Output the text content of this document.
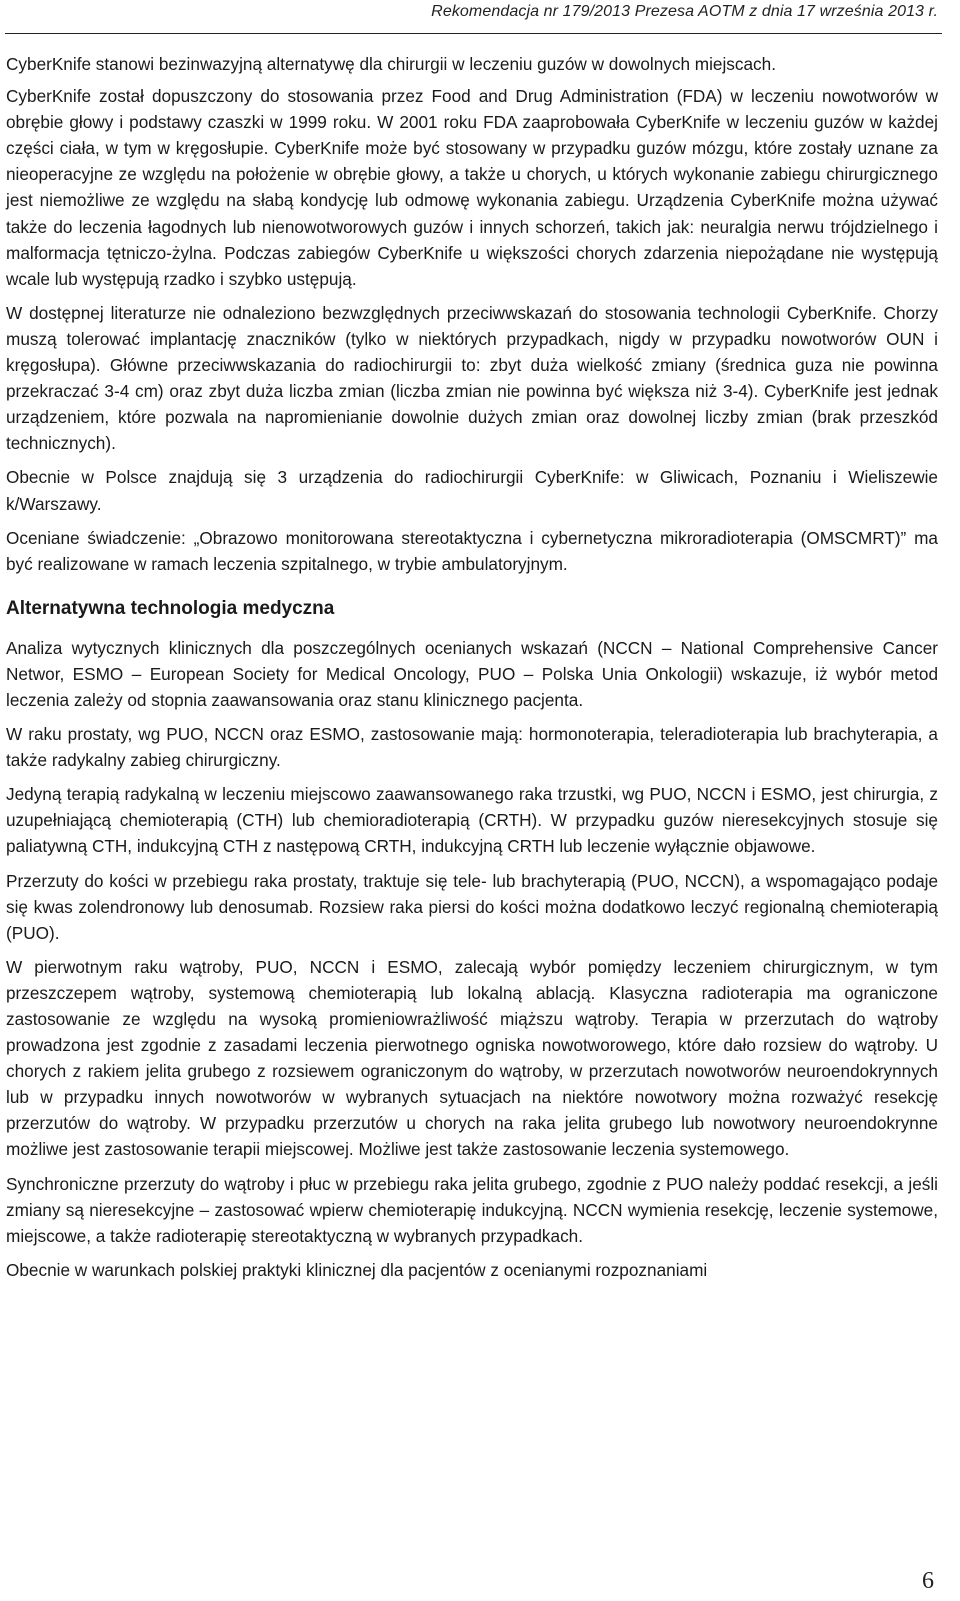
Rekomendacja nr 179/2013 Prezesa AOTM z dnia 17 września 2013 r.

CyberKnife stanowi bezinwazyjną alternatywę dla chirurgii w leczeniu guzów w dowolnych miejscach.

CyberKnife został dopuszczony do stosowania przez Food and Drug Administration (FDA) w leczeniu nowotworów w obrębie głowy i podstawy czaszki w 1999 roku. W 2001 roku FDA zaaprobowała CyberKnife w leczeniu guzów w każdej części ciała, w tym w kręgosłupie. CyberKnife może być stosowany w przypadku guzów mózgu, które zostały uznane za nieoperacyjne ze względu na położenie w obrębie głowy, a także u chorych, u których wykonanie zabiegu chirurgicznego jest niemożliwe ze względu na słabą kondycję lub odmowę wykonania zabiegu. Urządzenia CyberKnife można używać także do leczenia łagodnych lub nienowotworowych guzów i innych schorzeń, takich jak: neuralgia nerwu trójdzielnego i malformacja tętniczo-żylna. Podczas zabiegów CyberKnife u większości chorych zdarzenia niepożądane nie występują wcale lub występują rzadko i szybko ustępują.

W dostępnej literaturze nie odnaleziono bezwzględnych przeciwwskazań do stosowania technologii CyberKnife. Chorzy muszą tolerować implantację znaczników (tylko w niektórych przypadkach, nigdy w przypadku nowotworów OUN i kręgosłupa). Główne przeciwwskazania do radiochirurgii to: zbyt duża wielkość zmiany (średnica guza nie powinna przekraczać 3-4 cm) oraz zbyt duża liczba zmian (liczba zmian nie powinna być większa niż 3-4). CyberKnife jest jednak urządzeniem, które pozwala na napromienianie dowolnie dużych zmian oraz dowolnej liczby zmian (brak przeszkód technicznych).

Obecnie w Polsce znajdują się 3 urządzenia do radiochirurgii CyberKnife: w Gliwicach, Poznaniu i Wieliszewie k/Warszawy.

Oceniane świadczenie: „Obrazowo monitorowana stereotaktyczna i cybernetyczna mikroradioterapia (OMSCMRT)” ma być realizowane w ramach leczenia szpitalnego, w trybie ambulatoryjnym.

Alternatywna technologia medyczna

Analiza wytycznych klinicznych dla poszczególnych ocenianych wskazań (NCCN – National Comprehensive Cancer Networ, ESMO – European Society for Medical Oncology, PUO – Polska Unia Onkologii) wskazuje, iż wybór metod leczenia zależy od stopnia zaawansowania oraz stanu klinicznego pacjenta.

W raku prostaty, wg PUO, NCCN oraz ESMO, zastosowanie mają: hormonoterapia, teleradioterapia lub brachyterapia, a także radykalny zabieg chirurgiczny.

Jedyną terapią radykalną w leczeniu miejscowo zaawansowanego raka trzustki, wg PUO, NCCN i ESMO, jest chirurgia, z uzupełniającą chemioterapią (CTH) lub chemioradioterapią (CRTH). W przypadku guzów nieresekcyjnych stosuje się paliatywną CTH, indukcyjną CTH z następową CRTH, indukcyjną CRTH lub leczenie wyłącznie objawowe.

Przerzuty do kości w przebiegu raka prostaty, traktuje się tele- lub brachyterapią (PUO, NCCN), a wspomagająco podaje się kwas zolendronowy lub denosumab. Rozsiew raka piersi do kości można dodatkowo leczyć regionalną chemioterapią (PUO).

W pierwotnym raku wątroby, PUO, NCCN i ESMO, zalecają wybór pomiędzy leczeniem chirurgicznym, w tym przeszczepem wątroby, systemową chemioterapią lub lokalną ablacją. Klasyczna radioterapia ma ograniczone zastosowanie ze względu na wysoką promieniowrażliwość miąższu wątroby. Terapia w przerzutach do wątroby prowadzona jest zgodnie z zasadami leczenia pierwotnego ogniska nowotworowego, które dało rozsiew do wątroby. U chorych z rakiem jelita grubego z rozsiewem ograniczonym do wątroby, w przerzutach nowotworów neuroendokrynnych lub w przypadku innych nowotworów w wybranych sytuacjach na niektóre nowotwory można rozważyć resekcję przerzutów do wątroby. W przypadku przerzutów u chorych na raka jelita grubego lub nowotwory neuroendokrynne możliwe jest zastosowanie terapii miejscowej. Możliwe jest także zastosowanie leczenia systemowego.

Synchroniczne przerzuty do wątroby i płuc w przebiegu raka jelita grubego, zgodnie z PUO należy poddać resekcji, a jeśli zmiany są nieresekcyjne – zastosować wpierw chemioterapię indukcyjną. NCCN wymienia resekcję, leczenie systemowe, miejscowe, a także radioterapię stereotaktyczną w wybranych przypadkach.

Obecnie w warunkach polskiej praktyki klinicznej dla pacjentów z ocenianymi rozpoznaniami

6
